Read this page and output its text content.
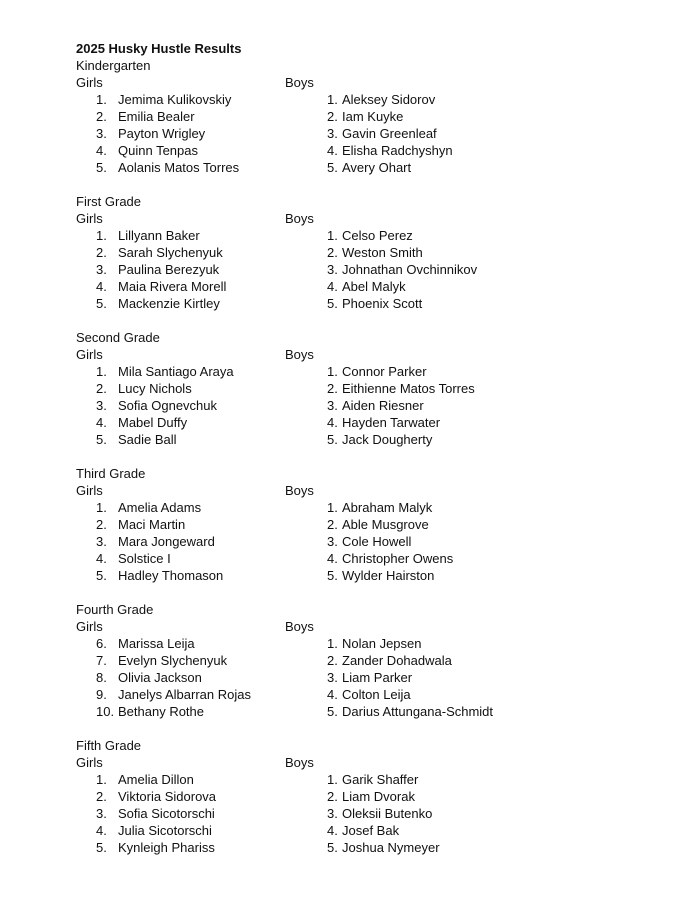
2025 Husky Hustle Results
Kindergarten
Girls
1. Jemima Kulikovskiy
2. Emilia Bealer
3. Payton Wrigley
4. Quinn Tenpas
5. Aolanis Matos Torres
Boys
1. Aleksey Sidorov
2. Iam Kuyke
3. Gavin Greenleaf
4. Elisha Radchyshyn
5. Avery Ohart
First Grade
Girls
1. Lillyann Baker
2. Sarah Slychenyuk
3. Paulina Berezyuk
4. Maia Rivera Morell
5. Mackenzie Kirtley
Boys
1. Celso Perez
2. Weston Smith
3. Johnathan Ovchinnikov
4. Abel Malyk
5. Phoenix Scott
Second Grade
Girls
1. Mila Santiago Araya
2. Lucy Nichols
3. Sofia Ognevchuk
4. Mabel Duffy
5. Sadie Ball
Boys
1. Connor Parker
2. Eithienne Matos Torres
3. Aiden Riesner
4. Hayden Tarwater
5. Jack Dougherty
Third Grade
Girls
1. Amelia Adams
2. Maci Martin
3. Mara Jongeward
4. Solstice I
5. Hadley Thomason
Boys
1. Abraham Malyk
2. Able Musgrove
3. Cole Howell
4. Christopher Owens
5. Wylder Hairston
Fourth Grade
Girls
6. Marissa Leija
7. Evelyn Slychenyuk
8. Olivia Jackson
9. Janelys Albarran Rojas
10. Bethany Rothe
Boys
1. Nolan Jepsen
2. Zander Dohadwala
3. Liam Parker
4. Colton Leija
5. Darius Attungana-Schmidt
Fifth Grade
Girls
1. Amelia Dillon
2. Viktoria Sidorova
3. Sofia Sicotorschi
4. Julia Sicotorschi
5. Kynleigh Phariss
Boys
1. Garik Shaffer
2. Liam Dvorak
3. Oleksii Butenko
4. Josef Bak
5. Joshua Nymeyer
